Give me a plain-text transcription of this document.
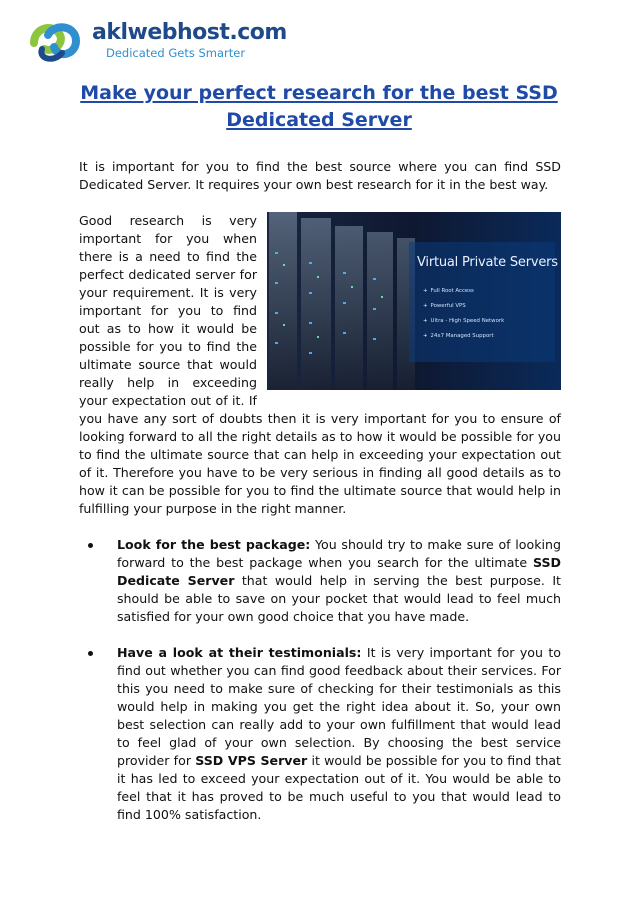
aklwebhost.com
Dedicated Gets Smarter
Make your perfect research for the best SSD Dedicated Server

It is important for you to find the best source where you can find SSD Dedicated Server. It requires your own best research for it in the best way.

Virtual Private Servers
+ Full Root Access
+ Powerful VPS
+ Ultra - High Speed Network
+ 24x7 Managed Support

Good research is very important for you when there is a need to find the perfect dedicated server for your requirement. It is very important for you to find out as to how it would be possible for you to find the ultimate source that would really help in exceeding your expectation out of it. If you have any sort of doubts then it is very important for you to ensure of looking forward to all the right details as to how it would be possible for you to find the ultimate source that can help in exceeding your expectation out of it. Therefore you have to be very serious in finding all good details as to how it can be possible for you to find the ultimate source that would help in fulfilling your purpose in the right manner.

Look for the best package: You should try to make sure of looking forward to the best package when you search for the ultimate SSD Dedicate Server that would help in serving the best purpose. It should be able to save on your pocket that would lead to feel much satisfied for your own good choice that you have made.
Have a look at their testimonials: It is very important for you to find out whether you can find good feedback about their services. For this you need to make sure of checking for their testimonials as this would help in making you get the right idea about it. So, your own best selection can really add to your own fulfillment that would lead to feel glad of your own selection. By choosing the best service provider for SSD VPS Server it would be possible for you to find that it has led to exceed your expectation out of it. You would be able to feel that it has proved to be much useful to you that would lead to find 100% satisfaction.
